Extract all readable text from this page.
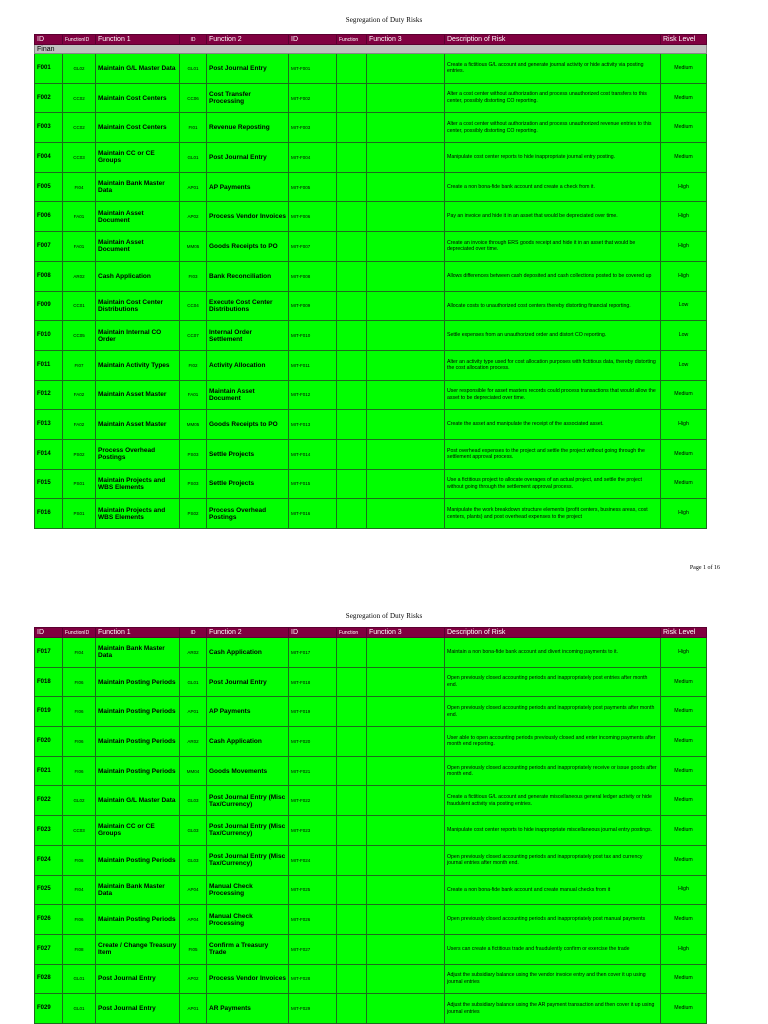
Segregation of Duty Risks
ID	FunctionID	Function 1	ID	Function 2	ID	Function	Function 3	Description of Risk	Risk Level
Finan									
F001	GL02	Maintain G/L Master Data	GL01	Post Journal Entry	MIT-F001			Create a fictitious G/L account and generate journal activity or hide activity via posting entries.	Medium
F002	CC02	Maintain Cost Centers	CC06	Cost Transfer Processing	MIT-F002			Alter a cost center without authorization and process unauthorized cost transfers to this center, possibly distorting CO reporting.	Medium
F003	CC02	Maintain Cost Centers	FI01	Revenue Reposting	MIT-F003			Alter a cost center without authorization and process unauthorized revenue entries to this center, possibly distorting CO reporting.	Medium
F004	CC03	Maintain CC or CE Groups	GL01	Post Journal Entry	MIT-F004			Manipulate cost center reports to hide inappropriate journal entry posting.	Medium
F005	FI04	Maintain Bank Master Data	AP01	AP Payments	MIT-F005			Create a non bona-fide bank account and create a check from it.	High
F006	FA01	Maintain Asset Document	AP02	Process Vendor Invoices	MIT-F006			Pay an invoice and hide it in an asset that would be depreciated over time.	High
F007	FA01	Maintain Asset Document	MM05	Goods Receipts to PO	MIT-F007			Create an invoice through ERS goods receipt and hide it in an asset that would be depreciated over time.	High
F008	AR02	Cash Application	FI03	Bank Reconciliation	MIT-F008			Allows differences between cash deposited and cash collections posted to be covered up	High
F009	CC01	Maintain Cost Center Distributions	CC04	Execute Cost Center Distributions	MIT-F009			Allocate costs to unauthorized cost centers thereby distorting financial reporting.	Low
F010	CC05	Maintain Internal CO Order	CC07	Internal Order Settlement	MIT-F010			Settle expenses from an unauthorized order and distort CO reporting.	Low
F011	FI07	Maintain Activity Types	FI02	Activity Allocation	MIT-F011			Alter an activity type used for cost allocation purposes with fictitious data, thereby distorting the cost allocation process.	Low
F012	FA02	Maintain Asset Master	FA01	Maintain Asset Document	MIT-F012			User responsible for asset masters records could process transactions that would allow the asset to be depreciated over time.	Medium
F013	FA02	Maintain Asset Master	MM05	Goods Receipts to PO	MIT-F013			Create the asset and manipulate the receipt of the associated asset.	High
F014	PS02	Process Overhead Postings	PS03	Settle Projects	MIT-F014			Post overhead expenses to the project and settle the project without going through the settlement approval process.	Medium
F015	PS01	Maintain Projects and WBS Elements	PS03	Settle Projects	MIT-F015			Use a fictitious project to allocate overages of an actual project, and settle the project without going through the settlement approval process.	Medium
F016	PS01	Maintain Projects and WBS Elements	PS02	Process Overhead Postings	MIT-F016			Manipulate the work breakdown structure elements (profit centers, business areas, cost centers, plants) and post overhead expenses to the project	High
Page 1 of 16
Segregation of Duty Risks
ID	FunctionID	Function 1	ID	Function 2	ID	Function	Function 3	Description of Risk	Risk Level
F017	FI04	Maintain Bank Master Data	AR02	Cash Application	MIT-F017			Maintain a non bona-fide bank account and divert incoming payments to it.	High
F018	FI06	Maintain Posting Periods	GL01	Post Journal Entry	MIT-F018			Open previously closed accounting periods and inappropriately post entries after month end.	Medium
F019	FI06	Maintain Posting Periods	AP01	AP Payments	MIT-F019			Open previously closed accounting periods and inappropriately post payments after month end.	Medium
F020	FI06	Maintain Posting Periods	AR02	Cash Application	MIT-F020			User able to open accounting periods previously closed and enter incoming payments after month end reporting.	Medium
F021	FI06	Maintain Posting Periods	MM04	Goods Movements	MIT-F021			Open previously closed accounting periods and inappropriately receive or issue goods after month end.	Medium
F022	GL02	Maintain G/L Master Data	GL03	Post Journal Entry (Misc Tax/Currency)	MIT-F022			Create a fictitious G/L account and generate miscellaneous general ledger activity or hide fraudulent activity via posting entries.	Medium
F023	CC03	Maintain CC or CE Groups	GL03	Post Journal Entry (Misc Tax/Currency)	MIT-F023			Manipulate cost center reports to hide inappropriate miscellaneous journal entry postings.	Medium
F024	FI06	Maintain Posting Periods	GL03	Post Journal Entry (Misc Tax/Currency)	MIT-F024			Open previously closed accounting periods and inappropriately post tax and currency journal entries after month end.	Medium
F025	FI04	Maintain Bank Master Data	AP04	Manual Check Processing	MIT-F025			Create a non bona-fide bank account and create manual checks from it	High
F026	FI06	Maintain Posting Periods	AP04	Manual Check Processing	MIT-F026			Open previously closed accounting periods and inappropriately post manual payments	Medium
F027	FI08	Create / Change Treasury Item	FI05	Confirm a Treasury Trade	MIT-F027			Users can create a fictitious trade and fraudulently confirm or exercise the trade	High
F028	GL01	Post Journal Entry	AP02	Process Vendor Invoices	MIT-F028			Adjust the subsidiary balance using the vendor invoice entry and then cover it up using journal entries	Medium
F029	GL01	Post Journal Entry	AP01	AR Payments	MIT-F029			Adjust the subsidiary balance using the AR payment transaction and then cover it up using journal entries	Medium
